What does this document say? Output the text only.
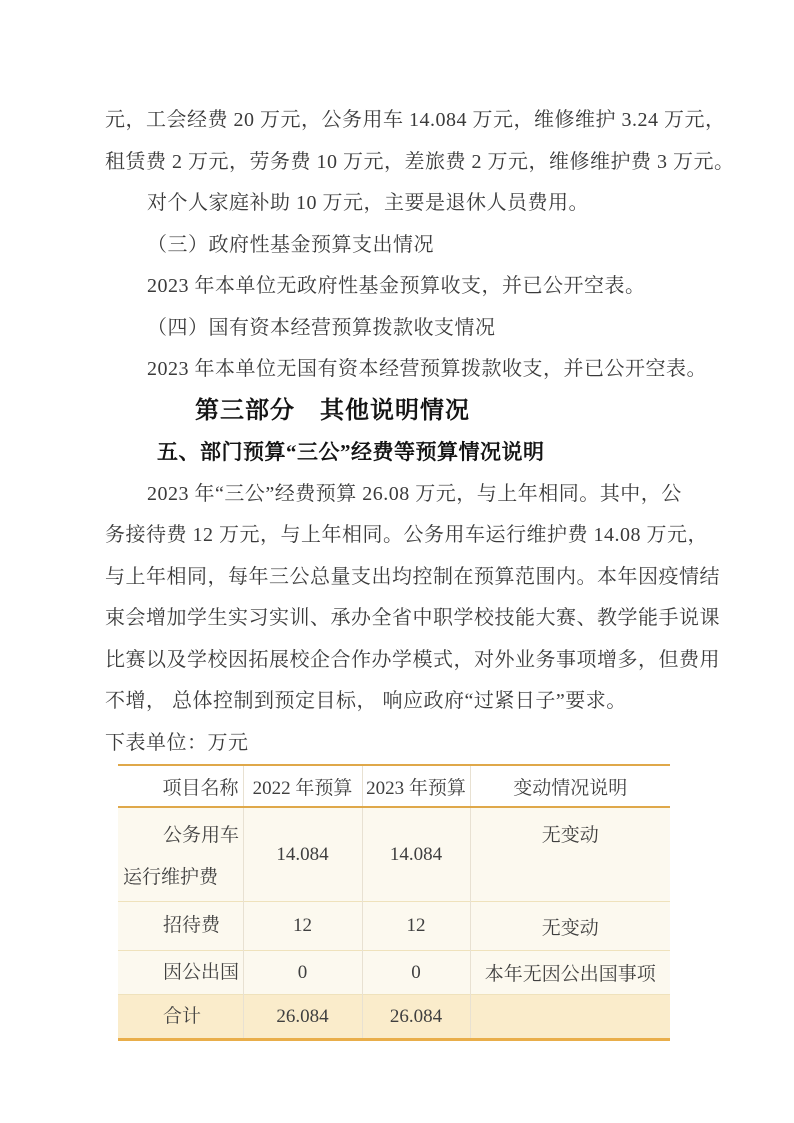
元，工会经费 20 万元，公务用车 14.084 万元，维修维护 3.24 万元，
租赁费 2 万元，劳务费 10 万元，差旅费 2 万元，维修维护费 3 万元。
对个人家庭补助 10 万元，主要是退休人员费用。
（三）政府性基金预算支出情况
2023 年本单位无政府性基金预算收支，并已公开空表。
（四）国有资本经营预算拨款收支情况
2023 年本单位无国有资本经营预算拨款收支，并已公开空表。
第三部分　其他说明情况
五、部门预算“三公”经费等预算情况说明
2023 年“三公”经费预算 26.08 万元，与上年相同。其中，公
务接待费 12 万元，与上年相同。公务用车运行维护费 14.08 万元，
与上年相同，每年三公总量支出均控制在预算范围内。本年因疫情结
束会增加学生实习实训、承办全省中职学校技能大赛、教学能手说课
比赛以及学校因拓展校企合作办学模式，对外业务事项增多，但费用
不增， 总体控制到预定目标， 响应政府“过紧日子”要求。
下表单位：万元
项目名称	2022 年预算	2023 年预算	变动情况说明

公务用车
运行维护费	14.084	14.084	无变动
招待费	12	12	无变动
因公出国	0	0	本年无因公出国事项
合计	26.084	26.084	
